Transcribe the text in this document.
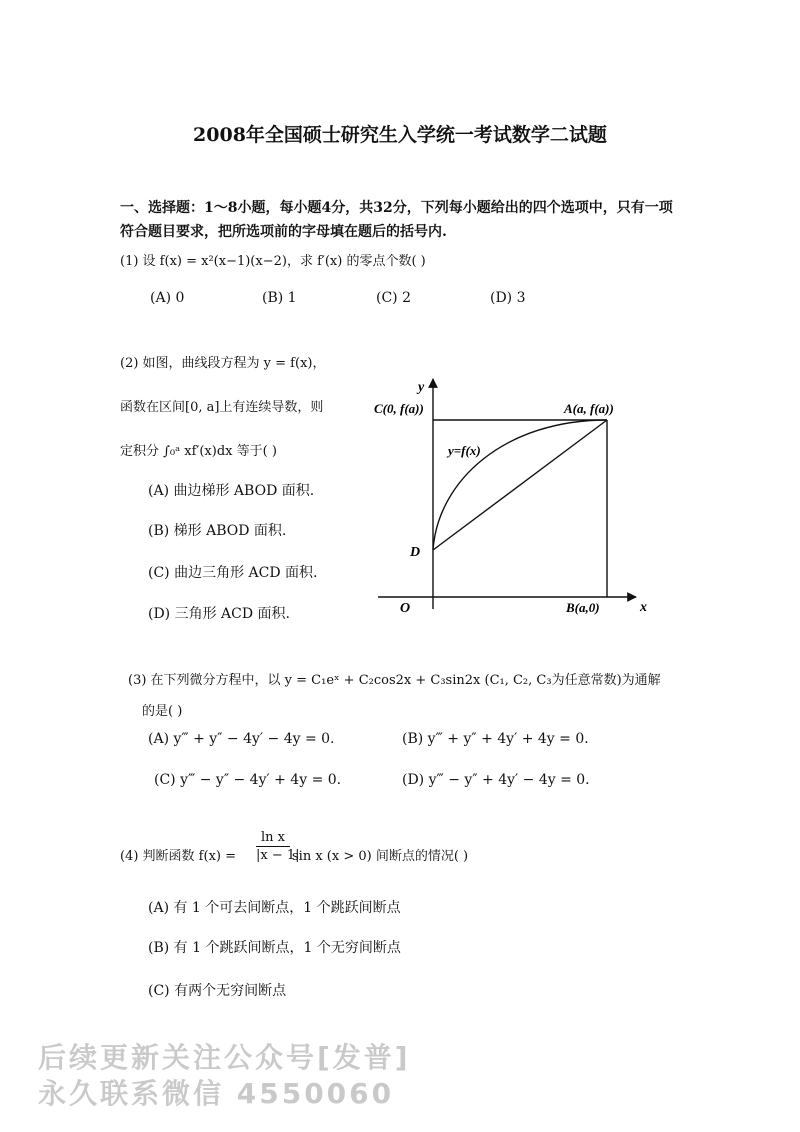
2008年全国硕士研究生入学统一考试数学二试题
一、选择题：1～8小题，每小题4分，共32分，下列每小题给出的四个选项中，只有一项
符合题目要求，把所选项前的字母填在题后的括号内.
(1) 设 f(x) = x²(x−1)(x−2)，求 f′(x) 的零点个数( )
(A) 0	(B) 1	(C) 2	(D) 3
(2) 如图，曲线段方程为 y = f(x)，
函数在区间[0, a]上有连续导数，则
定积分 ∫₀ᵃ xf′(x)dx 等于( )
(A) 曲边梯形 ABOD 面积.
(B) 梯形 ABOD 面积.
(C) 曲边三角形 ACD 面积.
(D) 三角形 ACD 面积.
y
C(0, f(a))	A(a, f(a))
y=f(x)
D
O	B(a,0)	x
(3) 在下列微分方程中，以 y = C₁eˣ + C₂cos2x + C₃sin2x (C₁, C₂, C₃为任意常数)为通解
的是( )
(A) y‴ + y″ − 4y′ − 4y = 0.	(B) y‴ + y″ + 4y′ + 4y = 0.
(C) y‴ − y″ − 4y′ + 4y = 0.	(D) y‴ − y″ + 4y′ − 4y = 0.
(4) 判断函数 $f(x) = \frac{\text{ln x}}{|x - 1|}$ sin x (x > 0) 间断点的情况( )
(A) 有 1 个可去间断点，1 个跳跃间断点
(B) 有 1 个跳跃间断点，1 个无穷间断点
(C) 有两个无穷间断点
后续更新关注公众号[发普]
永久联系微信 4550060
